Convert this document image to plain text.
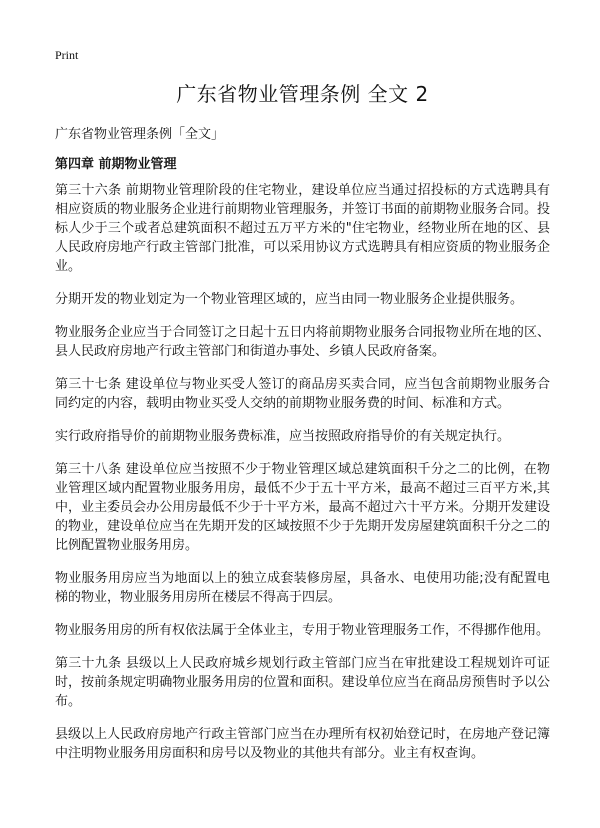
Print
广东省物业管理条例 全文 2
广东省物业管理条例「全文」
第四章 前期物业管理

第三十六条 前期物业管理阶段的住宅物业，建设单位应当通过招投标的方式选聘具有相应资质的物业服务企业进行前期物业管理服务，并签订书面的前期物业服务合同。投标人少于三个或者总建筑面积不超过五万平方米的"住宅物业，经物业所在地的区、县人民政府房地产行政主管部门批准，可以采用协议方式选聘具有相应资质的物业服务企业。

分期开发的物业划定为一个物业管理区域的，应当由同一物业服务企业提供服务。

物业服务企业应当于合同签订之日起十五日内将前期物业服务合同报物业所在地的区、县人民政府房地产行政主管部门和街道办事处、乡镇人民政府备案。

第三十七条 建设单位与物业买受人签订的商品房买卖合同，应当包含前期物业服务合同约定的内容，载明由物业买受人交纳的前期物业服务费的时间、标准和方式。

实行政府指导价的前期物业服务费标准，应当按照政府指导价的有关规定执行。

第三十八条 建设单位应当按照不少于物业管理区域总建筑面积千分之二的比例，在物业管理区域内配置物业服务用房，最低不少于五十平方米，最高不超过三百平方米,其中，业主委员会办公用房最低不少于十平方米，最高不超过六十平方米。分期开发建设的物业，建设单位应当在先期开发的区域按照不少于先期开发房屋建筑面积千分之二的比例配置物业服务用房。

物业服务用房应当为地面以上的独立成套装修房屋，具备水、电使用功能;没有配置电梯的物业，物业服务用房所在楼层不得高于四层。

物业服务用房的所有权依法属于全体业主，专用于物业管理服务工作，不得挪作他用。

第三十九条 县级以上人民政府城乡规划行政主管部门应当在审批建设工程规划许可证时，按前条规定明确物业服务用房的位置和面积。建设单位应当在商品房预售时予以公布。

县级以上人民政府房地产行政主管部门应当在办理所有权初始登记时，在房地产登记簿中注明物业服务用房面积和房号以及物业的其他共有部分。业主有权查询。
